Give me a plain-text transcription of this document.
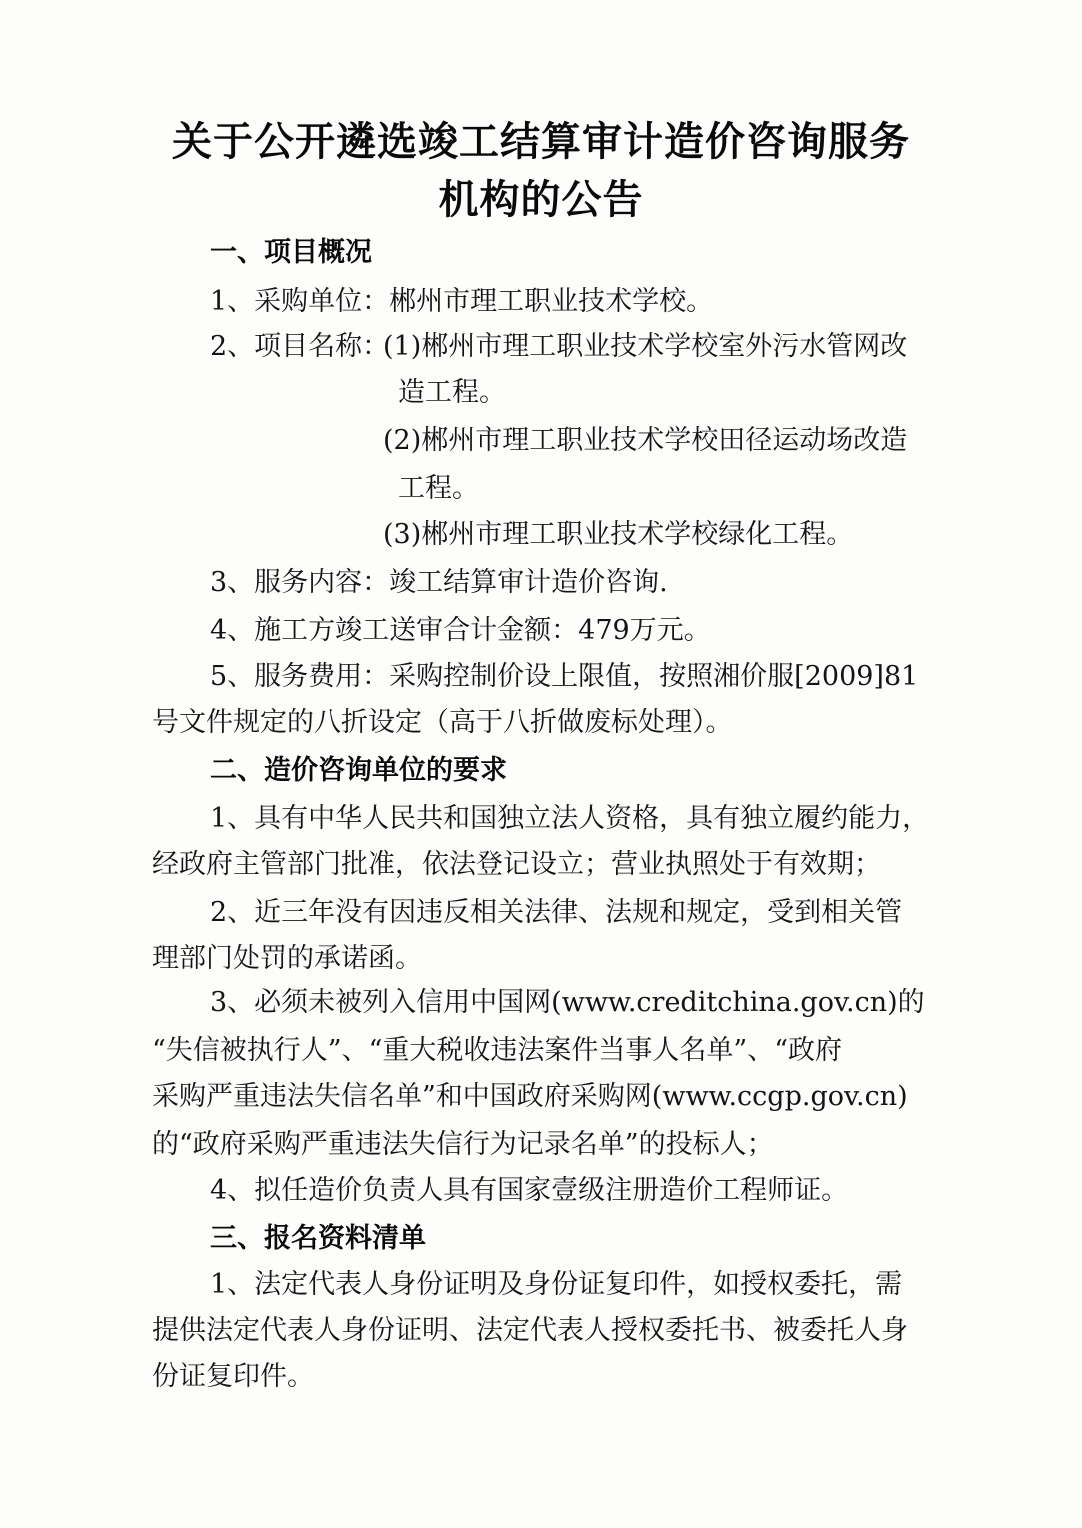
关于公开遴选竣工结算审计造价咨询服务
机构的公告
一、项目概况
1、采购单位：郴州市理工职业技术学校。
2、项目名称：
(1)郴州市理工职业技术学校室外污水管网改
造工程。
(2)郴州市理工职业技术学校田径运动场改造
工程。
(3)郴州市理工职业技术学校绿化工程。
3、服务内容：竣工结算审计造价咨询.
4、施工方竣工送审合计金额：479万元。
5、服务费用：采购控制价设上限值，按照湘价服[2009]81
号文件规定的八折设定（高于八折做废标处理）。
二、造价咨询单位的要求
1、具有中华人民共和国独立法人资格，具有独立履约能力，
经政府主管部门批准，依法登记设立；营业执照处于有效期；
2、近三年没有因违反相关法律、法规和规定，受到相关管
理部门处罚的承诺函。
3、必须未被列入信用中国网(www.creditchina.gov.cn)的
“失信被执行人”、“重大税收违法案件当事人名单”、“政府
采购严重违法失信名单”和中国政府采购网(www.ccgp.gov.cn)
的“政府采购严重违法失信行为记录名单”的投标人；
4、拟任造价负责人具有国家壹级注册造价工程师证。
三、报名资料清单
1、法定代表人身份证明及身份证复印件，如授权委托，需
提供法定代表人身份证明、法定代表人授权委托书、被委托人身
份证复印件。
